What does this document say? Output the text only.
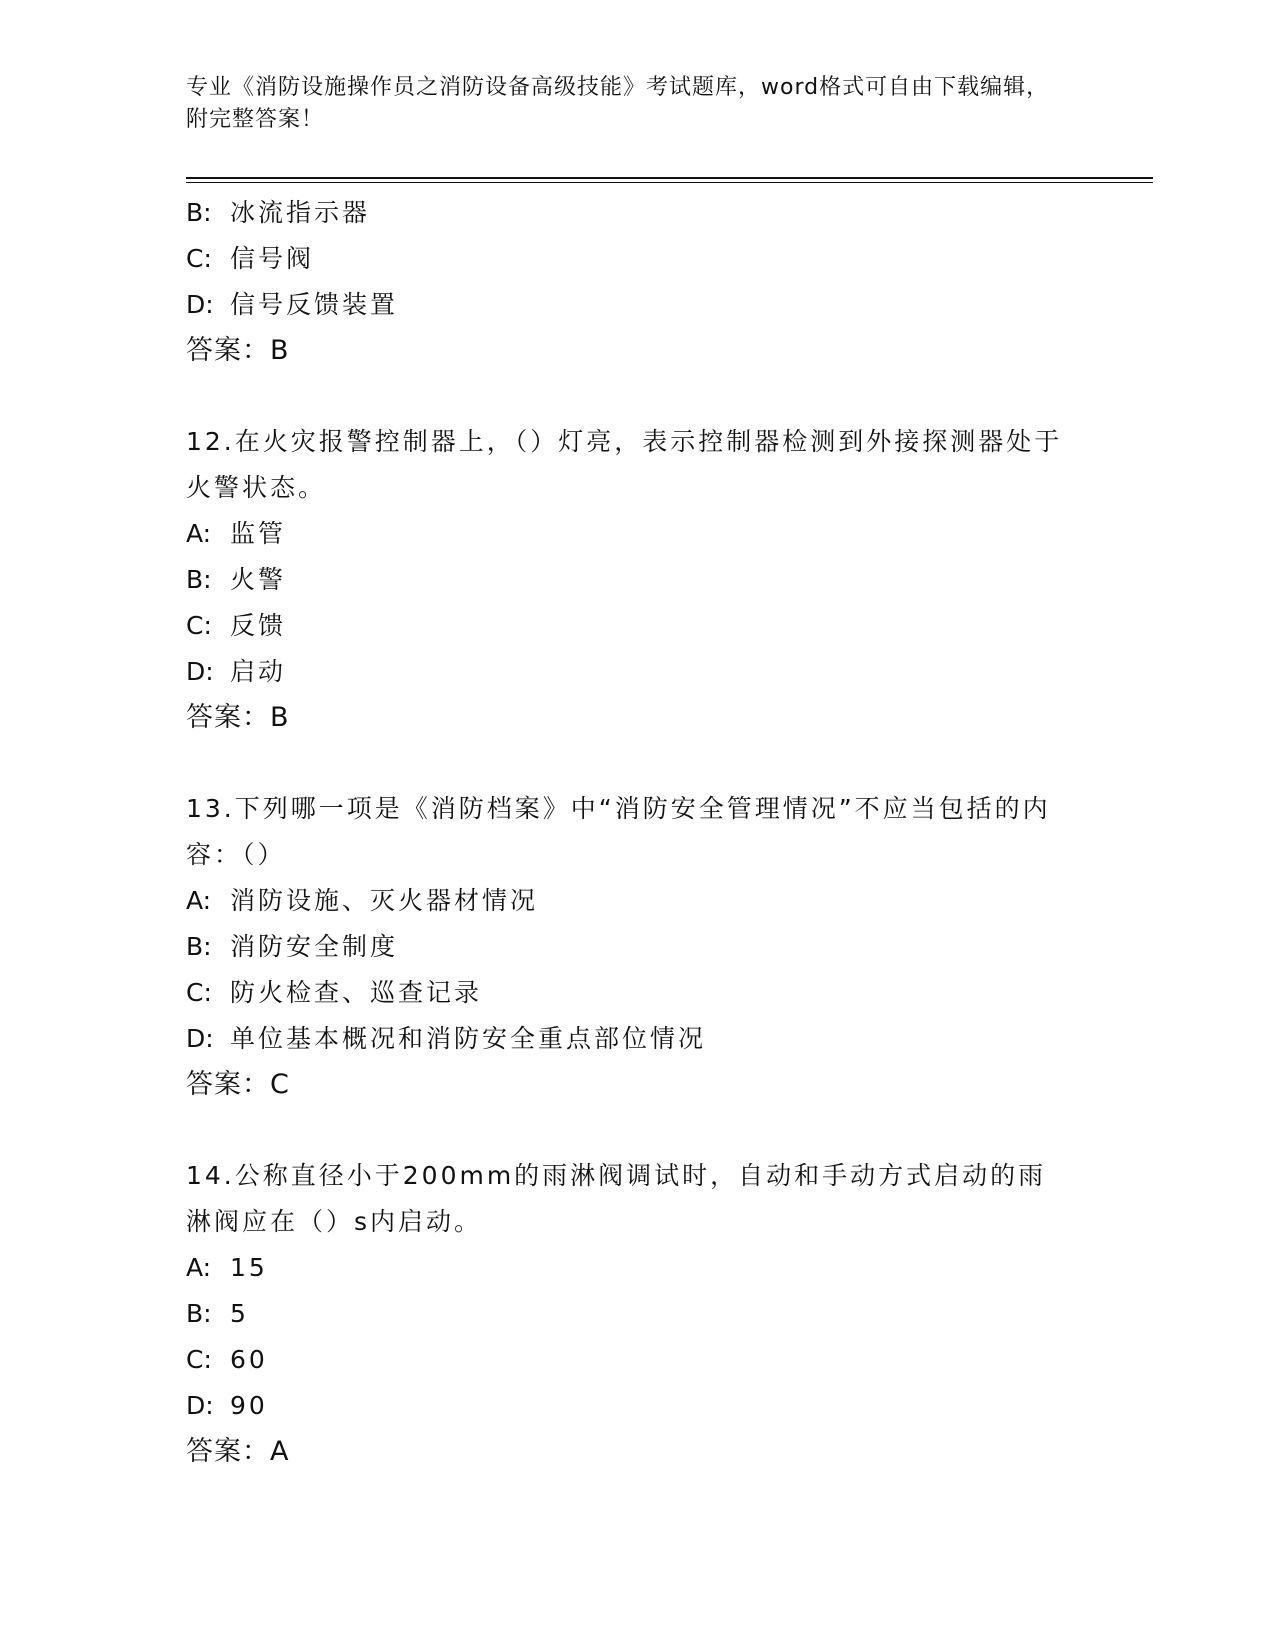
专业《消防设施操作员之消防设备高级技能》考试题库，word格式可自由下载编辑，附完整答案！
B: 冰流指示器
C: 信号阀
D: 信号反馈装置
答案：B
12.在火灾报警控制器上，（）灯亮，表示控制器检测到外接探测器处于火警状态。
A: 监管
B: 火警
C: 反馈
D: 启动
答案：B
13.下列哪一项是《消防档案》中“消防安全管理情况”不应当包括的内容：（）
A: 消防设施、灭火器材情况
B: 消防安全制度
C: 防火检查、巡查记录
D: 单位基本概况和消防安全重点部位情况
答案：C
14.公称直径小于200mm的雨淋阀调试时，自动和手动方式启动的雨淋阀应在（）s内启动。
A: 15
B: 5
C: 60
D: 90
答案：A
